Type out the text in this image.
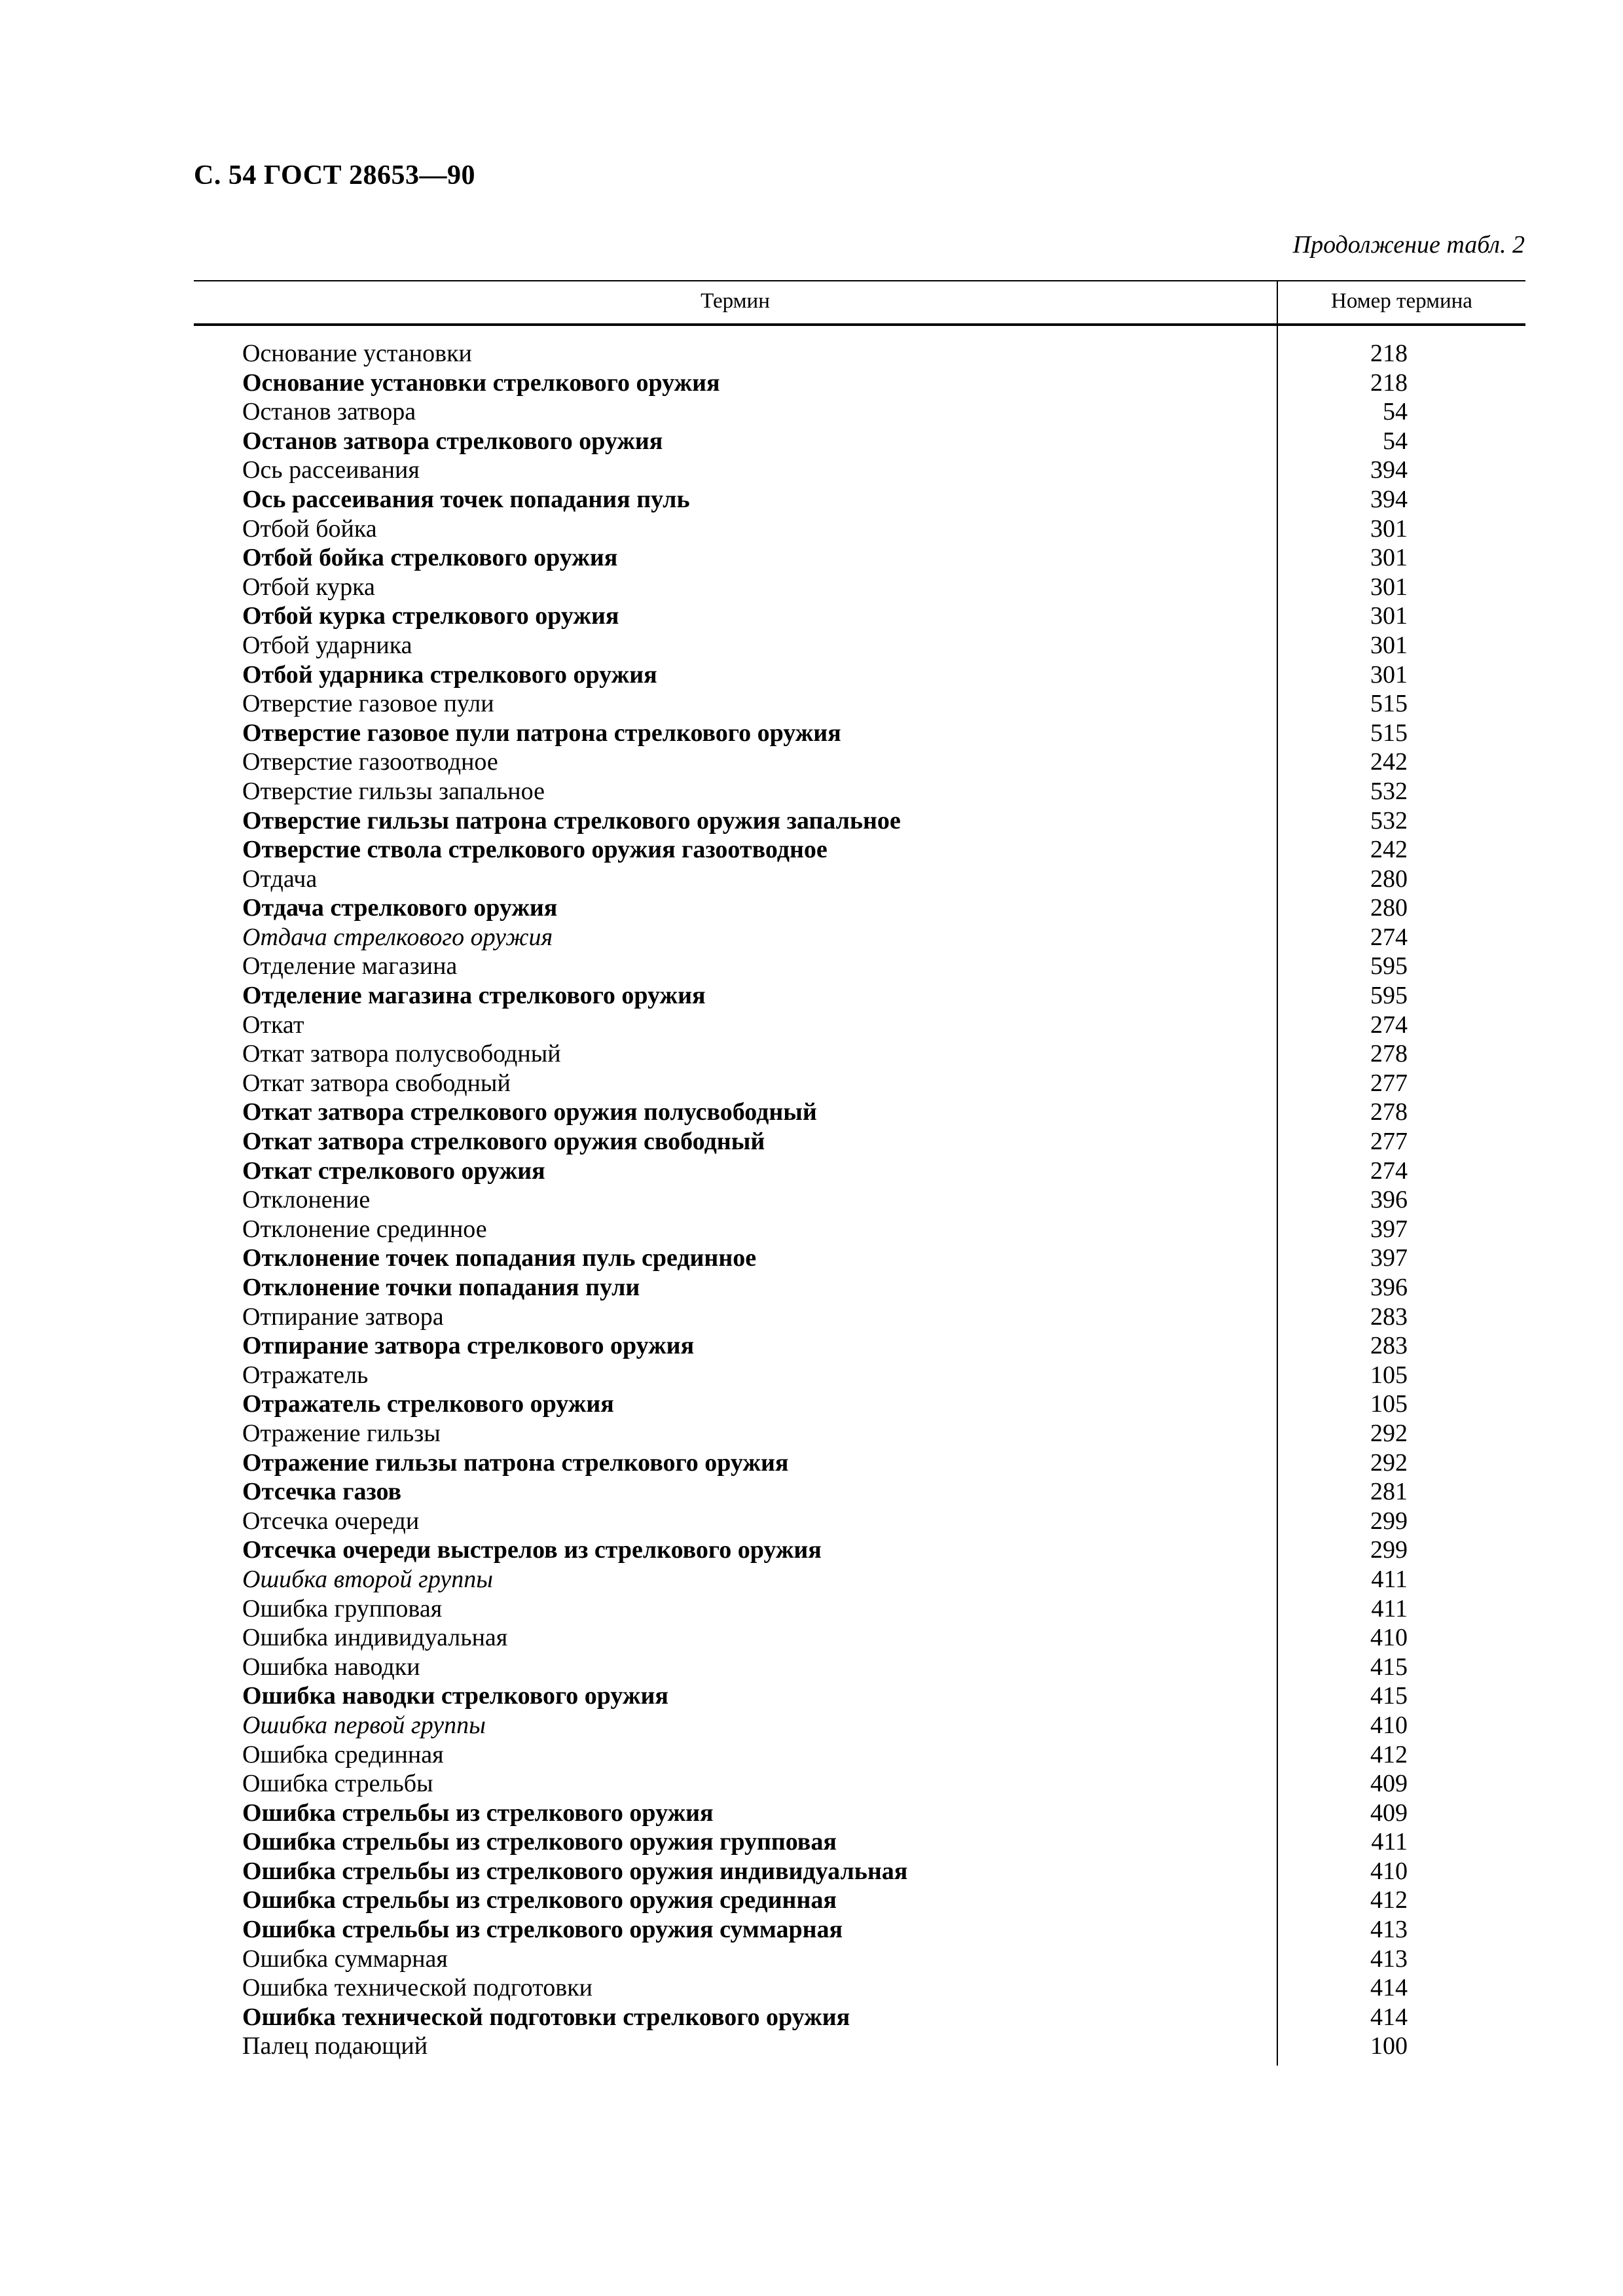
С. 54 ГОСТ 28653—90
Продолжение табл. 2
Термин	Номер термина
Основание установки	218
Основание установки стрелкового оружия	218
Останов затвора	54
Останов затвора стрелкового оружия	54
Ось рассеивания	394
Ось рассеивания точек попадания пуль	394
Отбой бойка	301
Отбой бойка стрелкового оружия	301
Отбой курка	301
Отбой курка стрелкового оружия	301
Отбой ударника	301
Отбой ударника стрелкового оружия	301
Отверстие газовое пули	515
Отверстие газовое пули патрона стрелкового оружия	515
Отверстие газоотводное	242
Отверстие гильзы запальное	532
Отверстие гильзы патрона стрелкового оружия запальное	532
Отверстие ствола стрелкового оружия газоотводное	242
Отдача	280
Отдача стрелкового оружия	280
Отдача стрелкового оружия	274
Отделение магазина	595
Отделение магазина стрелкового оружия	595
Откат	274
Откат затвора полусвободный	278
Откат затвора свободный	277
Откат затвора стрелкового оружия полусвободный	278
Откат затвора стрелкового оружия свободный	277
Откат стрелкового оружия	274
Отклонение	396
Отклонение срединное	397
Отклонение точек попадания пуль срединное	397
Отклонение точки попадания пули	396
Отпирание затвора	283
Отпирание затвора стрелкового оружия	283
Отражатель	105
Отражатель стрелкового оружия	105
Отражение гильзы	292
Отражение гильзы патрона стрелкового оружия	292
Отсечка газов	281
Отсечка очереди	299
Отсечка очереди выстрелов из стрелкового оружия	299
Ошибка второй группы	411
Ошибка групповая	411
Ошибка индивидуальная	410
Ошибка наводки	415
Ошибка наводки стрелкового оружия	415
Ошибка первой группы	410
Ошибка срединная	412
Ошибка стрельбы	409
Ошибка стрельбы из стрелкового оружия	409
Ошибка стрельбы из стрелкового оружия групповая	411
Ошибка стрельбы из стрелкового оружия индивидуальная	410
Ошибка стрельбы из стрелкового оружия срединная	412
Ошибка стрельбы из стрелкового оружия суммарная	413
Ошибка суммарная	413
Ошибка технической подготовки	414
Ошибка технической подготовки стрелкового оружия	414
Палец подающий	100
